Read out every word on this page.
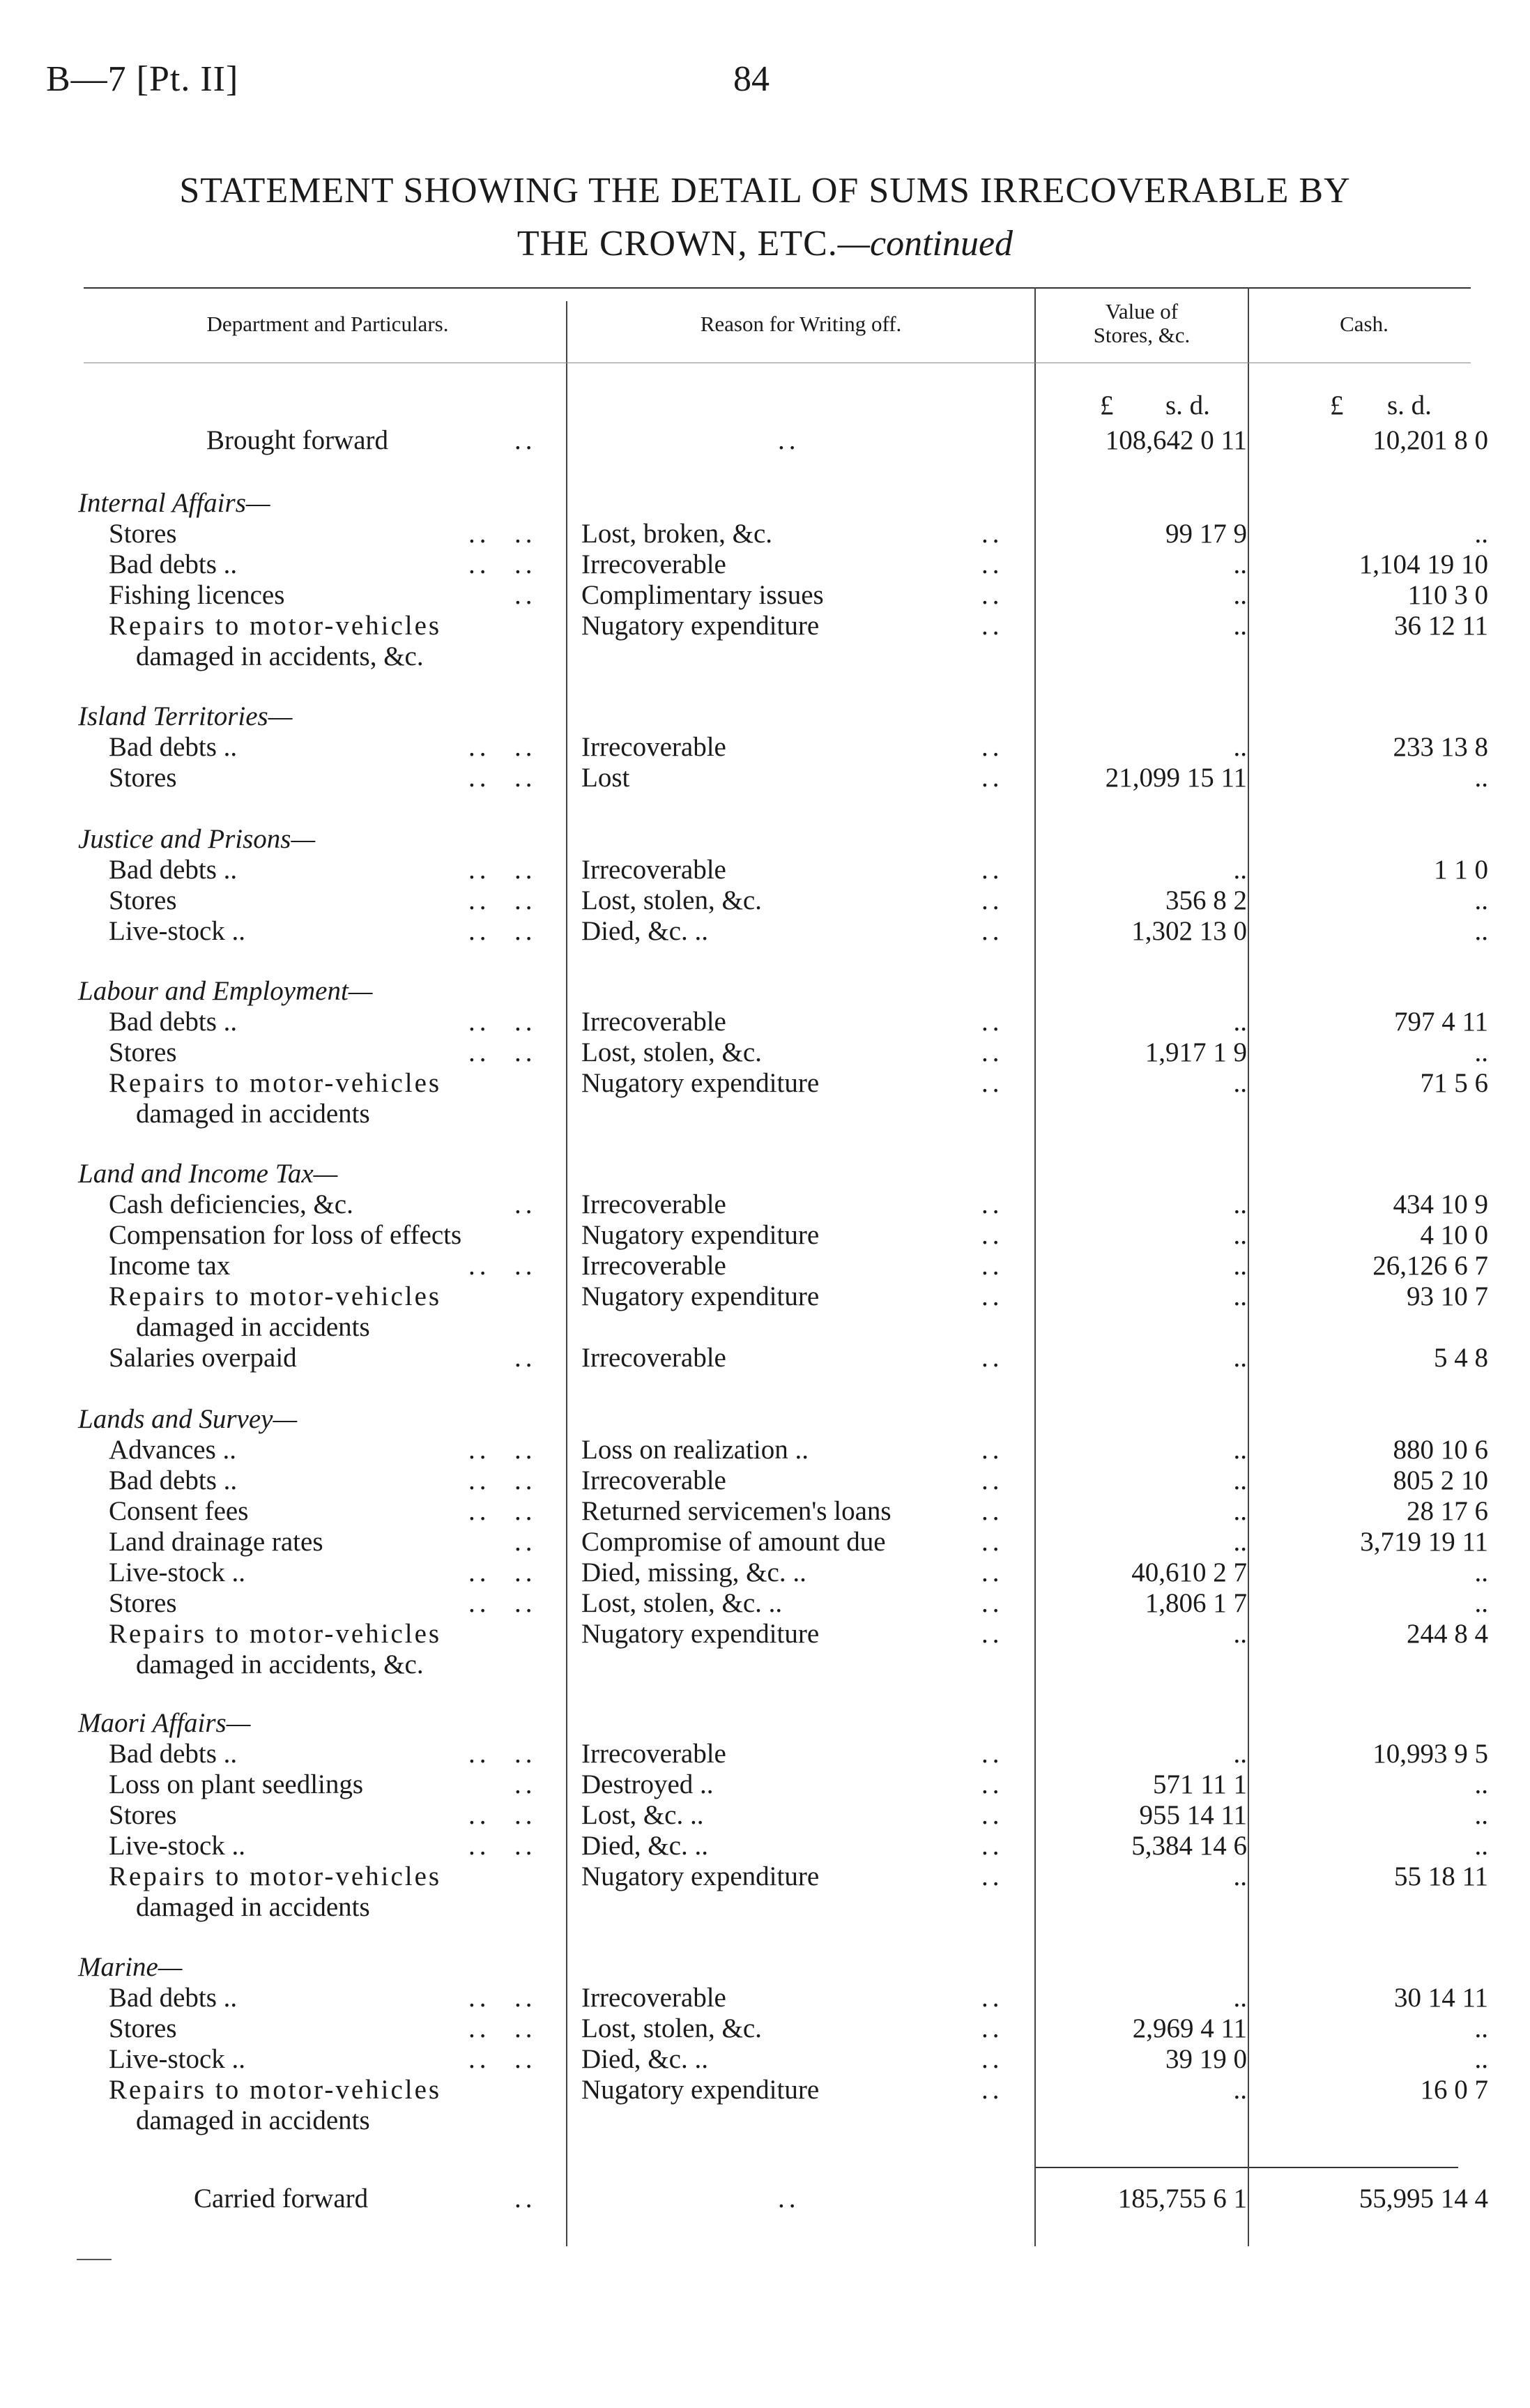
B—7 [Pt. II]	84
STATEMENT SHOWING THE DETAIL OF SUMS IRRECOVERABLE BY
THE CROWN, ETC.—continued
Department and Particulars.	Reason for Writing off.
Value of
Stores, &c.	Cash.
£ s. d.	£ s. d.
Brought forward	..	..	108,642 0 11	10,201 8 0
Internal Affairs—
Stores	.. .. Lost, broken, &c.	..	99 17 9	..
Bad debts ..	.. .. Irrecoverable	..	..	1,104 19 10
Fishing licences	.. Complimentary issues	..	..	110 3 0
Repairs to motor-vehicles	Nugatory expenditure	..	..	36 12 11
damaged in accidents, &c.
Island Territories—
Bad debts ..	.. .. Irrecoverable	..	..	233 13 8
Stores	.. .. Lost	..	21,099 15 11	..
Justice and Prisons—
Bad debts ..	.. .. Irrecoverable	..	..	1 1 0
Stores	.. .. Lost, stolen, &c.	..	356 8 2	..
Live-stock ..	.. .. Died, &c. ..	..	1,302 13 0	..
Labour and Employment—
Bad debts ..	.. .. Irrecoverable	..	..	797 4 11
Stores	.. .. Lost, stolen, &c.	..	1,917 1 9	..
Repairs to motor-vehicles	Nugatory expenditure	..	..	71 5 6
damaged in accidents
Land and Income Tax—
Cash deficiencies, &c.	.. Irrecoverable	..	..	434 10 9
Compensation for loss of effects	Nugatory expenditure	..	..	4 10 0
Income tax	.. .. Irrecoverable	..	..	26,126 6 7
Repairs to motor-vehicles	Nugatory expenditure	..	..	93 10 7
damaged in accidents
Salaries overpaid	.. Irrecoverable	..	..	5 4 8
Lands and Survey—
Advances ..	.. .. Loss on realization ..	..	..	880 10 6
Bad debts ..	.. .. Irrecoverable	..	..	805 2 10
Consent fees	.. .. Returned servicemen's loans	..	..	28 17 6
Land drainage rates	.. Compromise of amount due	..	..	3,719 19 11
Live-stock ..	.. .. Died, missing, &c. ..	..	40,610 2 7	..
Stores	.. .. Lost, stolen, &c. ..	..	1,806 1 7	..
Repairs to motor-vehicles	Nugatory expenditure	..	..	244 8 4
damaged in accidents, &c.
Maori Affairs—
Bad debts ..	.. .. Irrecoverable	..	..	10,993 9 5
Loss on plant seedlings	.. Destroyed ..	..	571 11 1	..
Stores	.. .. Lost, &c. ..	..	955 14 11	..
Live-stock ..	.. .. Died, &c. ..	..	5,384 14 6	..
Repairs to motor-vehicles	Nugatory expenditure	..	..	55 18 11
damaged in accidents
Marine—
Bad debts ..	.. .. Irrecoverable	..	..	30 14 11
Stores	.. .. Lost, stolen, &c.	..	2,969 4 11	..
Live-stock ..	.. .. Died, &c. ..	..	39 19 0	..
Repairs to motor-vehicles	Nugatory expenditure	..	..	16 0 7
damaged in accidents
Carried forward	..	..	185,755 6 1	55,995 14 4
